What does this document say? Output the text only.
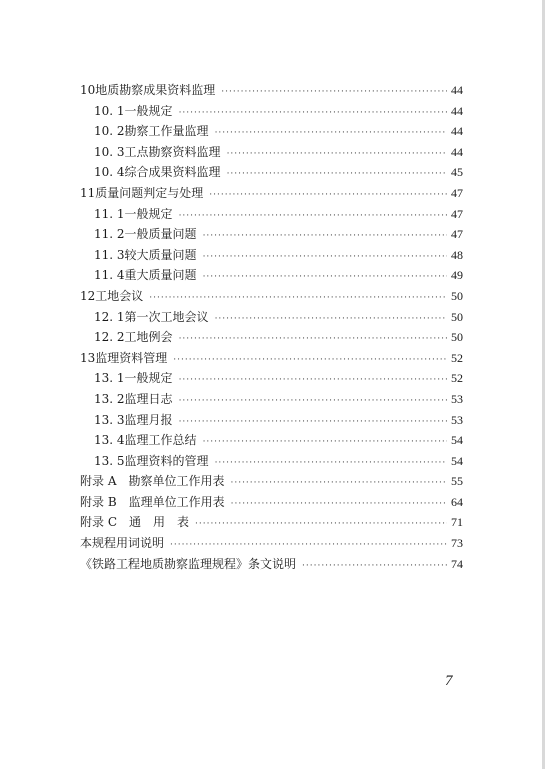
10 地质勘察成果资料监理 ·····	44
10. 1 一般规定 ·····	44
10. 2 勘察工作量监理 ·····	44
10. 3 工点勘察资料监理 ·····	44
10. 4 综合成果资料监理 ·····	45
11 质量问题判定与处理 ·····	47
11. 1 一般规定 ·····	47
11. 2 一般质量问题 ·····	47
11. 3 较大质量问题 ·····	48
11. 4 重大质量问题 ·····	49
12 工地会议 ·····	50
12. 1 第一次工地会议 ·····	50
12. 2 工地例会 ·····	50
13 监理资料管理 ·····	52
13. 1 一般规定 ·····	52
13. 2 监理日志 ·····	53
13. 3 监理月报 ·····	53
13. 4 监理工作总结 ·····	54
13. 5 监理资料的管理 ·····	54
附录 A　勘察单位工作用表 ·····	55
附录 B　监理单位工作用表 ·····	64
附录 C　通　用　表 ·····	71
本规程用词说明 ·····	73
《铁路工程地质勘察监理规程》条文说明 ·····	74
7
